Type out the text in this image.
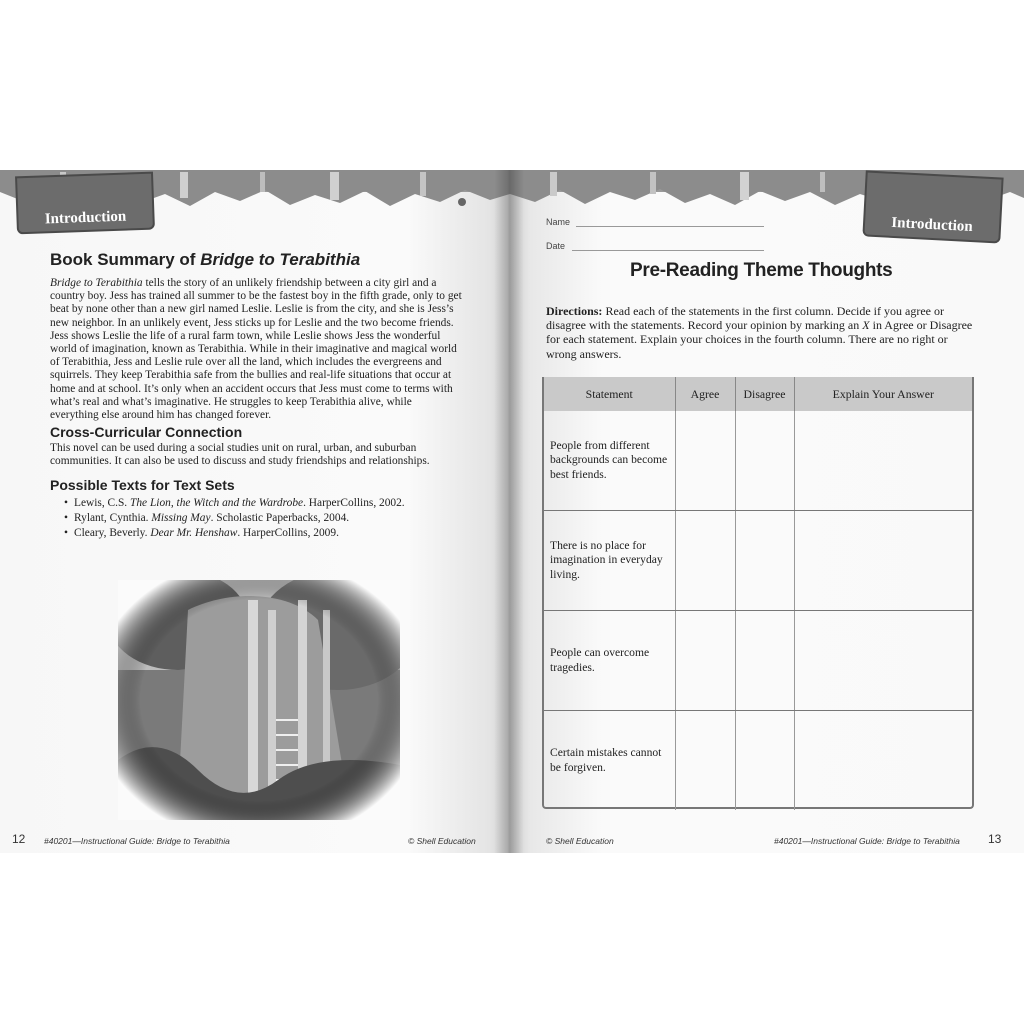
Introduction
Book Summary of Bridge to Terabithia

Bridge to Terabithia tells the story of an unlikely friendship between a city girl and a country boy. Jess has trained all summer to be the fastest boy in the fifth grade, only to get beat by none other than a new girl named Leslie. Leslie is from the city, and she is Jess’s new neighbor. In an unlikely event, Jess sticks up for Leslie and the two become friends. Jess shows Leslie the life of a rural farm town, while Leslie shows Jess the wonderful world of imagination, known as Terabithia. While in their imaginative and magical world of Terabithia, Jess and Leslie rule over all the land, which includes the evergreens and squirrels. They keep Terabithia safe from the bullies and real-life situations that occur at home and at school. It’s only when an accident occurs that Jess must come to terms with what’s real and what’s imaginative. He struggles to keep Terabithia alive, while everything else around him has changed forever.

Cross-Curricular Connection

This novel can be used during a social studies unit on rural, urban, and suburban communities. It can also be used to discuss and study friendships and relationships.

Possible Texts for Text Sets
• Lewis, C.S. The Lion, the Witch and the Wardrobe. HarperCollins, 2002.
• Rylant, Cynthia. Missing May. Scholastic Paperbacks, 2004.
• Cleary, Beverly. Dear Mr. Henshaw. HarperCollins, 2009.
12 #40201—Instructional Guide: Bridge to Terabithia	© Shell Education
Introduction
Name
Date
Pre-Reading Theme Thoughts

Directions: Read each of the statements in the first column. Decide if you agree or disagree with the statements. Record your opinion by marking an X in Agree or Disagree for each statement. Explain your choices in the fourth column. There are no right or wrong answers.

Statement	Agree	Disagree	Explain Your Answer
People from different backgrounds can become best friends.			
There is no place for imagination in everyday living.			
People can overcome tragedies.			
Certain mistakes cannot be forgiven.			
© Shell Education	#40201—Instructional Guide: Bridge to Terabithia 13
